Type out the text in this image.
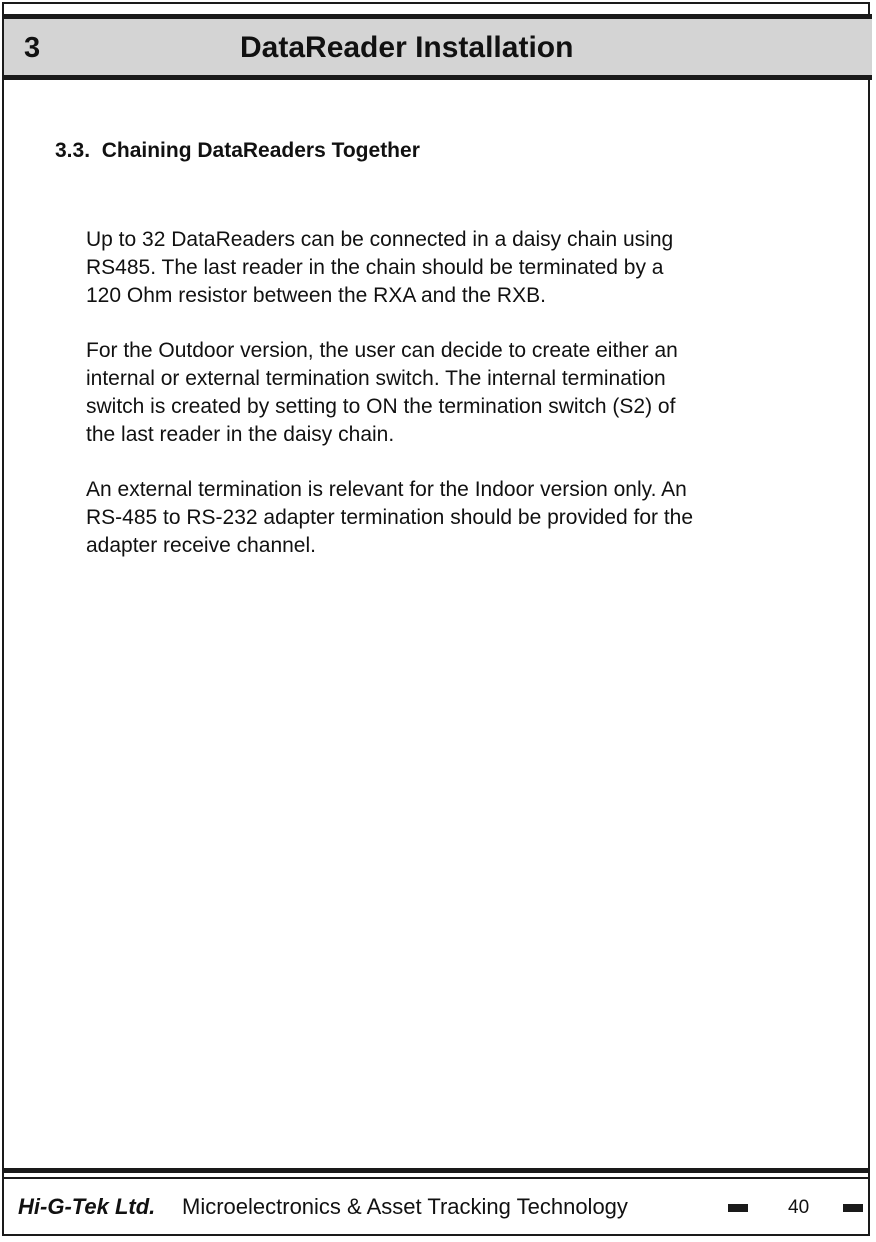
3	DataReader Installation
3.3.  Chaining DataReaders Together

Up to 32 DataReaders can be connected in a daisy chain using
RS485. The last reader in the chain should be terminated by a
120 Ohm resistor between the RXA and the RXB.

For the Outdoor version, the user can decide to create either an
internal or external termination switch. The internal termination
switch is created by setting to ON the termination switch (S2) of
the last reader in the daisy chain.

An external termination is relevant for the Indoor version only. An
RS-485 to RS-232 adapter termination should be provided for the
adapter receive channel.

Hi-G-Tek Ltd. Microelectronics & Asset Tracking Technology	40
